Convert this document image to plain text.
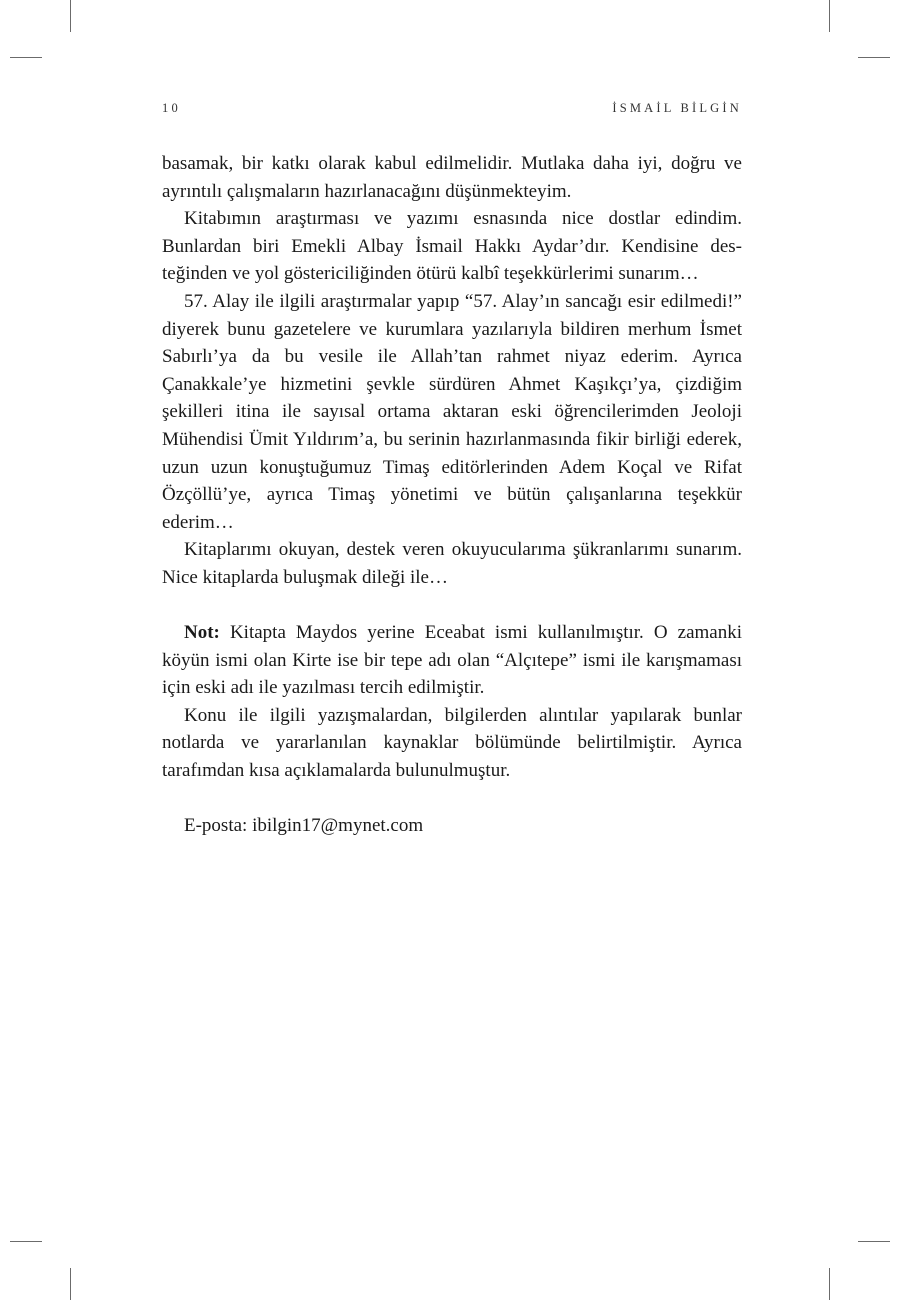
10	İSMAİL BİLGİN

basamak, bir katkı olarak kabul edilmelidir. Mutlaka daha iyi, doğru ve ayrıntılı çalışmaların hazırlanacağını düşünmekteyim.

Kitabımın araştırması ve yazımı esnasında nice dostlar edindim. Bunlardan biri Emekli Albay İsmail Hakkı Aydar’dır. Kendisine desteğinden ve yol göstericiliğinden ötürü kalbî teşekkürlerimi sunarım…

57. Alay ile ilgili araştırmalar yapıp “57. Alay’ın sancağı esir edilmedi!” diyerek bunu gazetelere ve kurumlara yazılarıyla bildiren merhum İsmet Sabırlı’ya da bu vesile ile Allah’tan rahmet niyaz ederim. Ayrıca Çanakkale’ye hizmetini şevkle sürdüren Ahmet Kaşıkçı’ya, çizdiğim şekilleri itina ile sayısal ortama aktaran eski öğrencilerimden Jeoloji Mühendisi Ümit Yıldırım’a, bu serinin hazırlanmasında fikir birliği ederek, uzun uzun konuştuğumuz Timaş editörlerinden Adem Koçal ve Rifat Özçöllü’ye, ayrıca Timaş yönetimi ve bütün çalışanlarına teşekkür ederim…

Kitaplarımı okuyan, destek veren okuyucularıma şükranlarımı sunarım. Nice kitaplarda buluşmak dileği ile…

Not: Kitapta Maydos yerine Eceabat ismi kullanılmıştır. O zamanki köyün ismi olan Kirte ise bir tepe adı olan “Alçıtepe” ismi ile karışmaması için eski adı ile yazılması tercih edilmiştir.

Konu ile ilgili yazışmalardan, bilgilerden alıntılar yapılarak bunlar notlarda ve yararlanılan kaynaklar bölümünde belirtilmiştir. Ayrıca tarafımdan kısa açıklamalarda bulunulmuştur.

E-posta: ibilgin17@mynet.com
